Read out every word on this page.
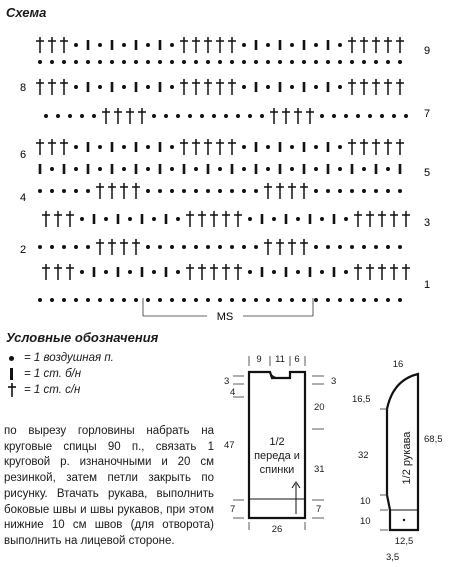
Схема
8
6
4
2
9
7
5
3
1
MS
Условные обозначения
= 1 воздушная п.
= 1 ст. б/н
= 1 ст. с/н

по вырезу горловины набрать на круговые спицы 90 п., связать 1 круговой р. изнаночными и 20 см резинкой, затем петли закрыть по рисунку. Втачать рукава, выполнить боковые швы и швы рукавов, при этом нижние 10 см швов (для отворота) выполнить на лицевой стороне.

9 11 6
3
4
47
7
3
20
31
7
26
1/2
переда и
спинки
16
16,5
32
10
10
68,5
12,5
3,5
1/2 рукава
